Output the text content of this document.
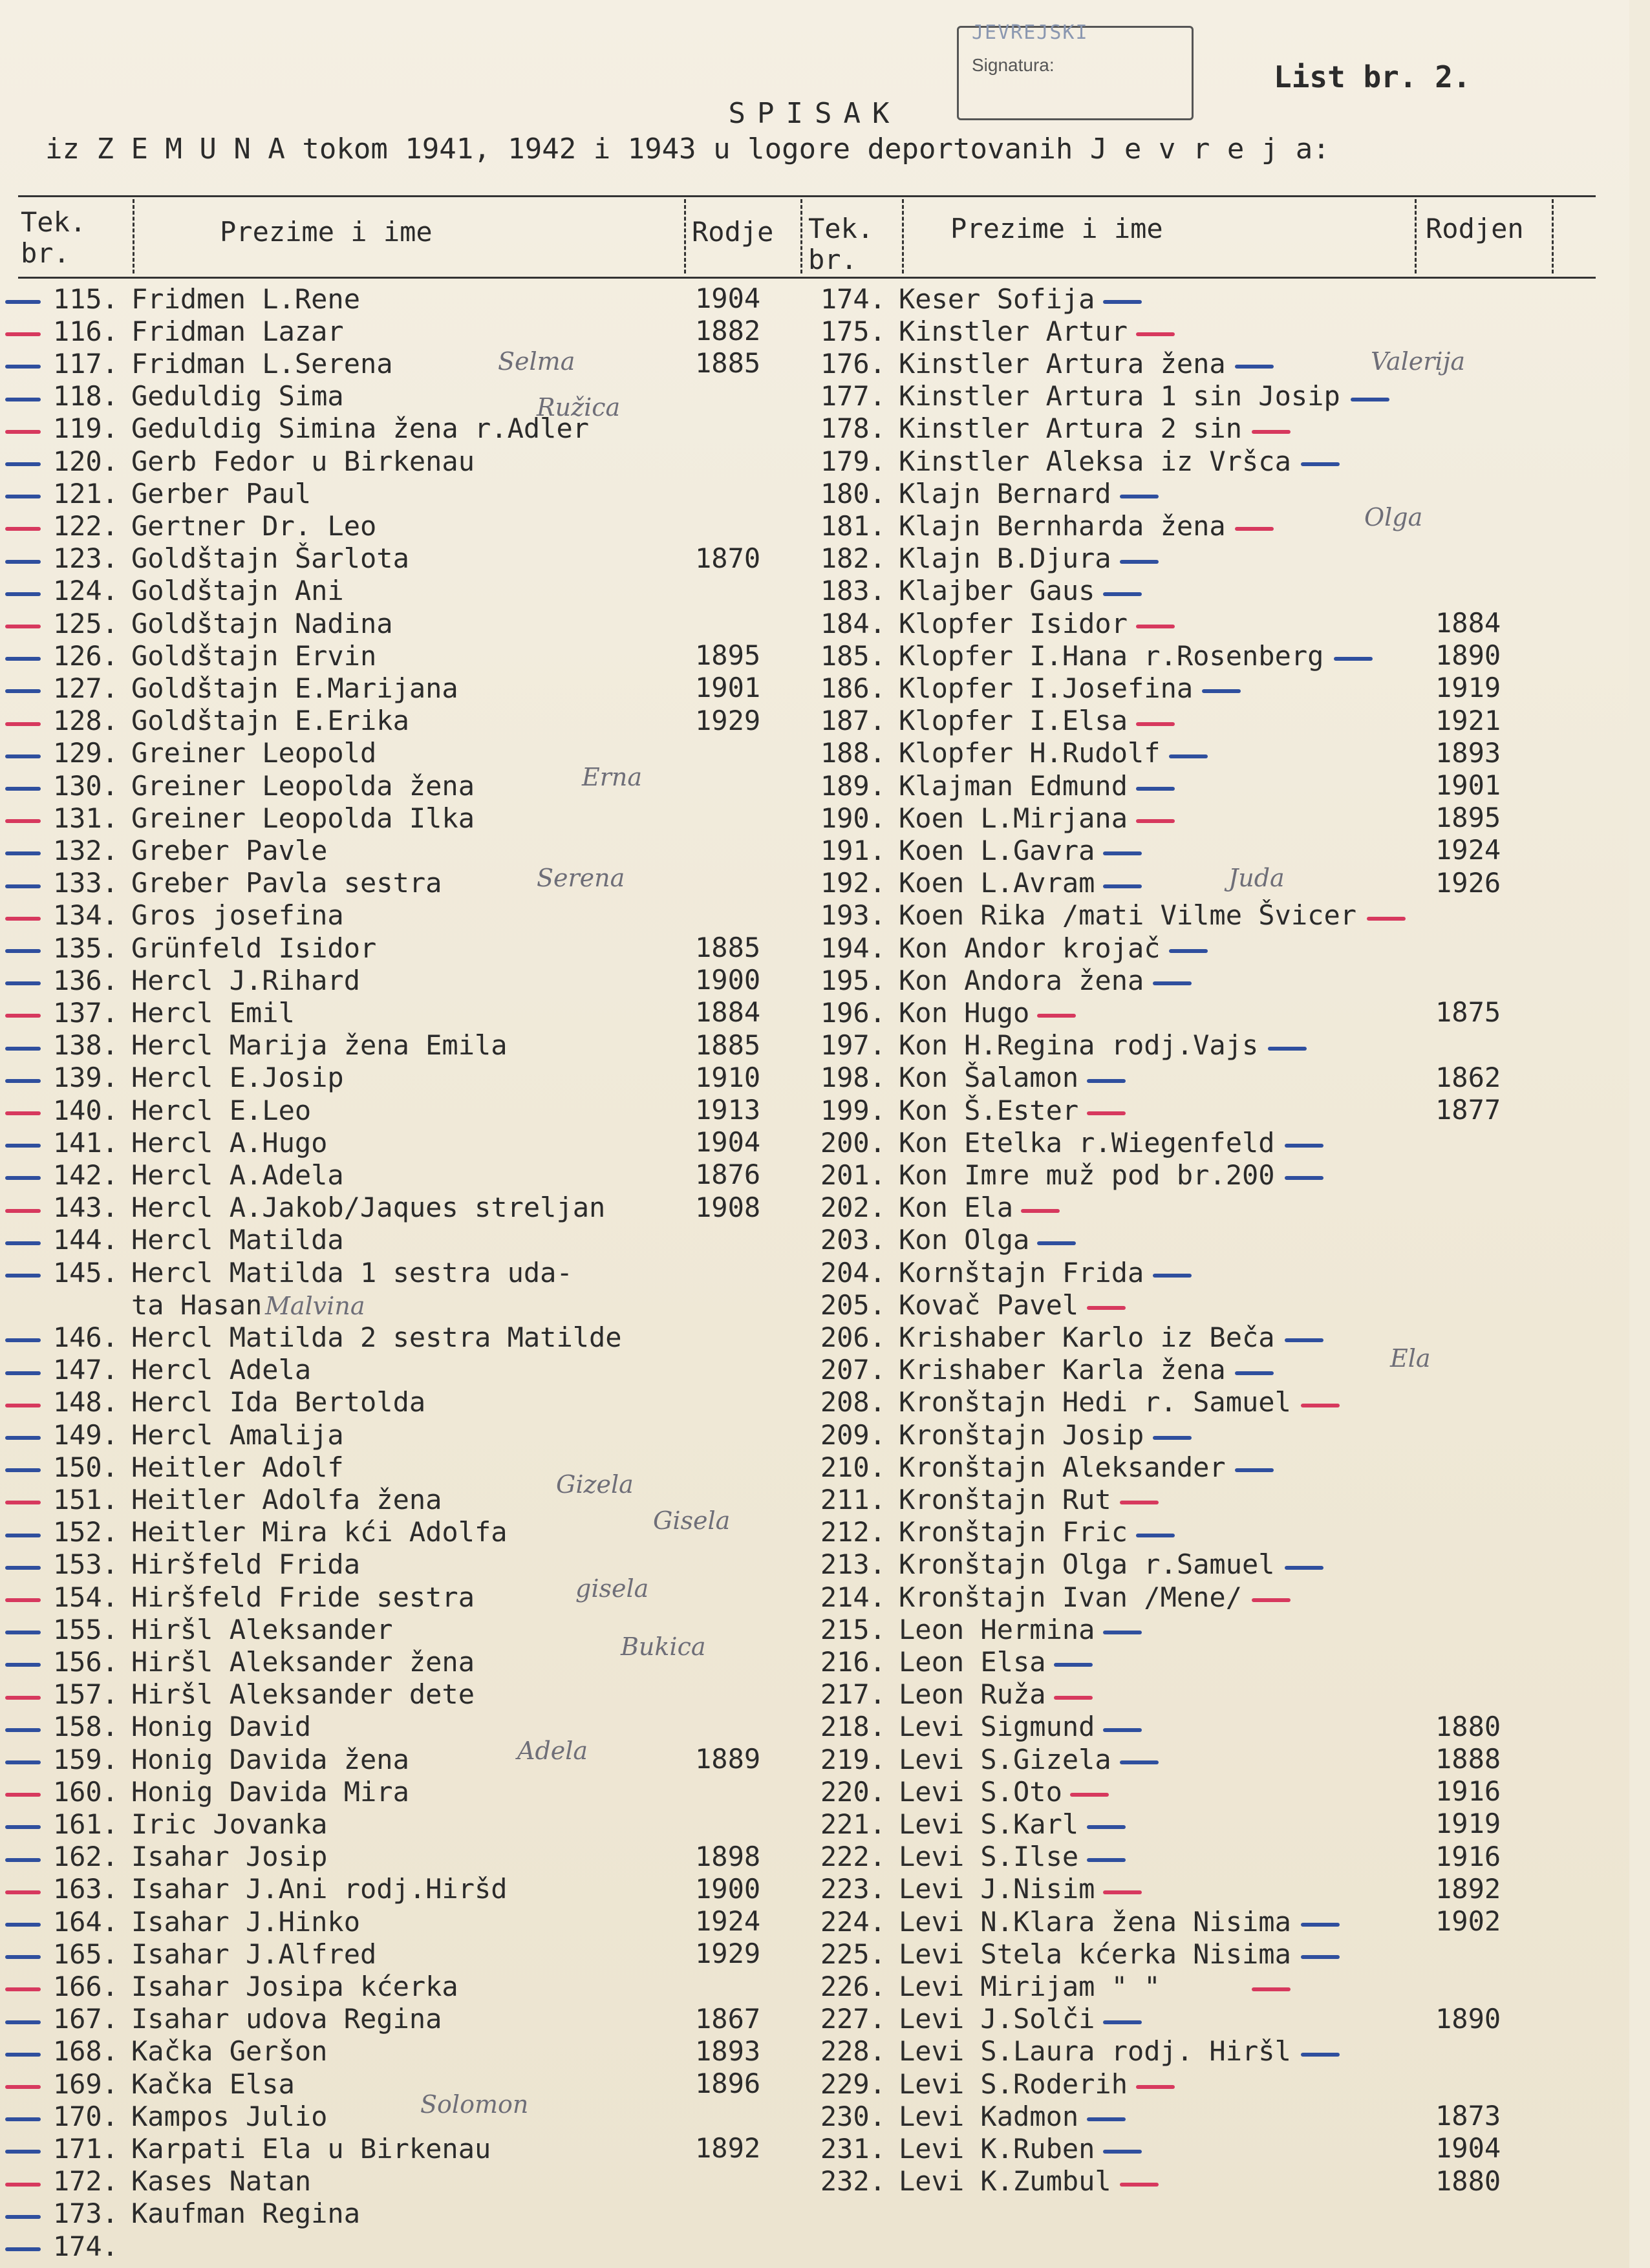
JEVREJSKI
Signatura:	List br. 2.
SPISAK
iz Z E M U N A tokom 1941, 1942 i 1943 u logore deportovanih J e v r e j a:
Tek. br.
Prezime i ime	Rodje Tek. br.
Prezime i ime	Rodjen
115. Fridmen L.Rene	1904
116. Fridman Lazar	1882
117. Fridman L.Serena	1885
118. Geduldig Sima
119. Geduldig Simina žena r.Adler
120. Gerb Fedor u Birkenau
121. Gerber Paul
122. Gertner Dr. Leo
123. Goldštajn Šarlota	1870
124. Goldštajn Ani
125. Goldštajn Nadina
126. Goldštajn Ervin	1895
127. Goldštajn E.Marijana	1901
128. Goldštajn E.Erika	1929
129. Greiner Leopold
130. Greiner Leopolda žena
131. Greiner Leopolda Ilka
132. Greber Pavle
133. Greber Pavla sestra
134. Gros josefina
135. Grünfeld Isidor	1885
136. Hercl J.Rihard	1900
137. Hercl Emil	1884
138. Hercl Marija žena Emila	1885
139. Hercl E.Josip	1910
140. Hercl E.Leo	1913
141. Hercl A.Hugo	1904
142. Hercl A.Adela	1876
143. Hercl A.Jakob/Jaques streljan	1908
144. Hercl Matilda
145. Hercl Matilda 1 sestra uda-
ta Hasan
146. Hercl Matilda 2 sestra Matilde
147. Hercl Adela
148. Hercl Ida Bertolda
149. Hercl Amalija
150. Heitler Adolf
151. Heitler Adolfa žena
152. Heitler Mira kći Adolfa
153. Hiršfeld Frida
154. Hiršfeld Fride sestra
155. Hiršl Aleksander
156. Hiršl Aleksander žena
157. Hiršl Aleksander dete
158. Honig David
159. Honig Davida žena	1889
160. Honig Davida Mira
161. Iric Jovanka
162. Isahar Josip	1898
163. Isahar J.Ani rodj.Hiršd	1900
164. Isahar J.Hinko	1924
165. Isahar J.Alfred	1929
166. Isahar Josipa kćerka
167. Isahar udova Regina	1867
168. Kačka Geršon	1893
169. Kačka Elsa	1896
170. Kampos Julio
171. Karpati Ela u Birkenau	1892
172. Kases Natan
173. Kaufman Regina
174.
174. Keser Sofija
175. Kinstler Artur
176. Kinstler Artura žena
177. Kinstler Artura 1 sin Josip
178. Kinstler Artura 2 sin
179. Kinstler Aleksa iz Vršca
180. Klajn Bernard
181. Klajn Bernharda žena
182. Klajn B.Djura
183. Klajber Gaus
184. Klopfer Isidor	1884
185. Klopfer I.Hana r.Rosenberg	1890
186. Klopfer I.Josefina	1919
187. Klopfer I.Elsa	1921
188. Klopfer H.Rudolf	1893
189. Klajman Edmund	1901
190. Koen L.Mirjana	1895
191. Koen L.Gavra	1924
192. Koen L.Avram	1926
193. Koen Rika /mati Vilme Švicer
194. Kon Andor krojač
195. Kon Andora žena
196. Kon Hugo	1875
197. Kon H.Regina rodj.Vajs
198. Kon Šalamon	1862
199. Kon Š.Ester	1877
200. Kon Etelka r.Wiegenfeld
201. Kon Imre muž pod br.200
202. Kon Ela
203. Kon Olga
204. Kornštajn Frida
205. Kovač Pavel
206. Krishaber Karlo iz Beča
207. Krishaber Karla žena
208. Kronštajn Hedi r. Samuel
209. Kronštajn Josip
210. Kronštajn Aleksander
211. Kronštajn Rut
212. Kronštajn Fric
213. Kronštajn Olga r.Samuel
214. Kronštajn Ivan /Mene/
215. Leon Hermina
216. Leon Elsa
217. Leon Ruža
218. Levi Sigmund	1880
219. Levi S.Gizela	1888
220. Levi S.Oto	1916
221. Levi S.Karl	1919
222. Levi S.Ilse	1916
223. Levi J.Nisim	1892
224. Levi N.Klara žena Nisima	1902
225. Levi Stela kćerka Nisima
226. Levi Mirijam " "
227. Levi J.Solči	1890
228. Levi S.Laura rodj. Hiršl
229. Levi S.Roderih
230. Levi Kadmon	1873
231. Levi K.Ruben	1904
232. Levi K.Zumbul	1880
Selma
Ružica
Valerija
Olga
Erna
Serena	Juda
Malvina
Ela
Gizela
Gisela
gisela
Bukica
Adela
Solomon
